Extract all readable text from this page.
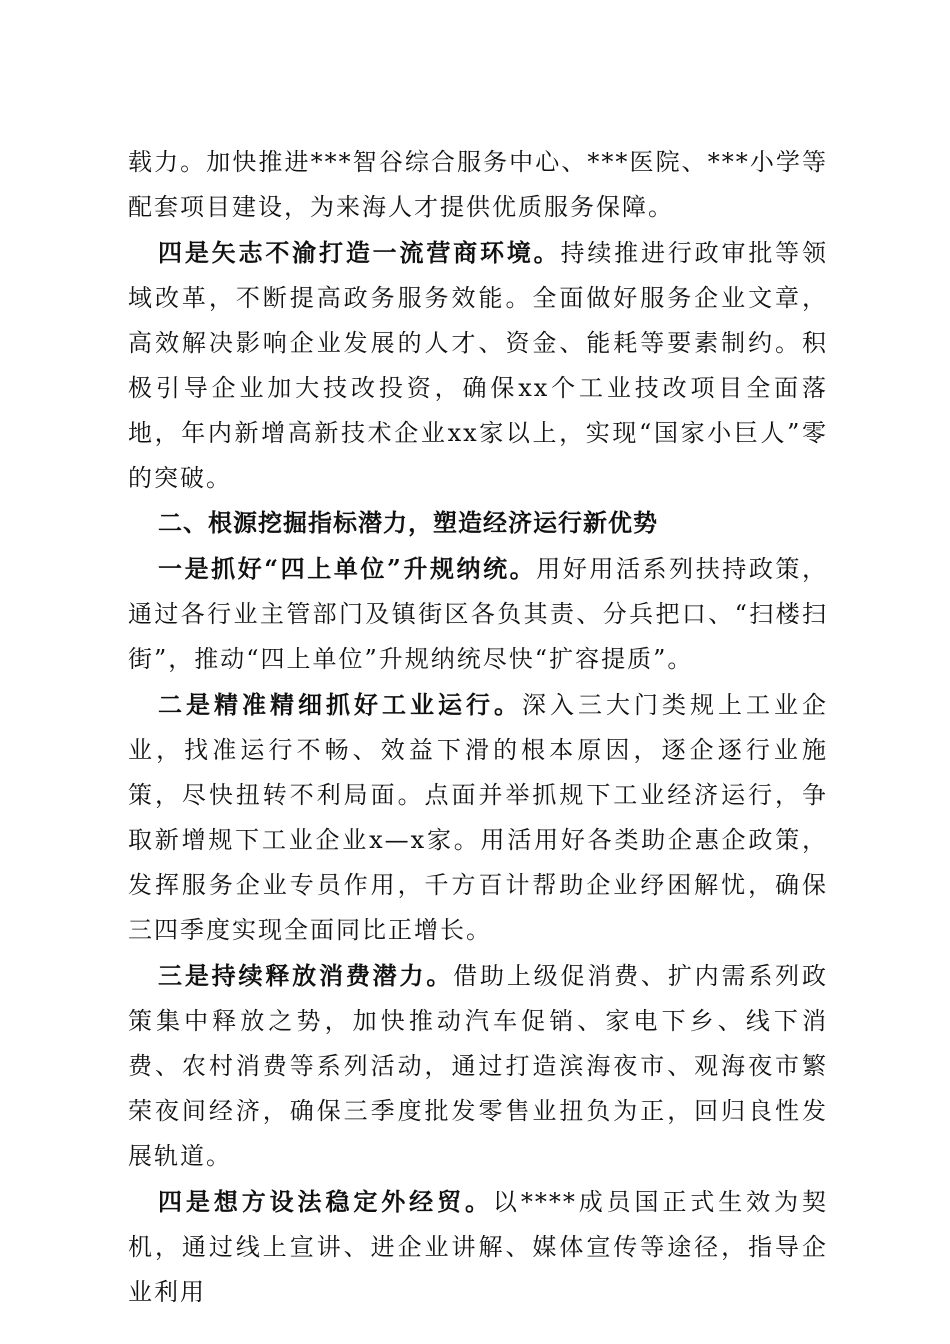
载力。加快推进***智谷综合服务中心、***医院、***小学等配套项目建设，为来海人才提供优质服务保障。

四是矢志不渝打造一流营商环境。持续推进行政审批等领域改革，不断提高政务服务效能。全面做好服务企业文章，高效解决影响企业发展的人才、资金、能耗等要素制约。积极引导企业加大技改投资，确保xx个工业技改项目全面落地，年内新增高新技术企业xx家以上，实现“国家小巨人”零的突破。

二、根源挖掘指标潜力，塑造经济运行新优势

一是抓好“四上单位”升规纳统。用好用活系列扶持政策，通过各行业主管部门及镇街区各负其责、分兵把口、“扫楼扫街”，推动“四上单位”升规纳统尽快“扩容提质”。

二是精准精细抓好工业运行。深入三大门类规上工业企业，找准运行不畅、效益下滑的根本原因，逐企逐行业施策，尽快扭转不利局面。点面并举抓规下工业经济运行，争取新增规下工业企业x—x家。用活用好各类助企惠企政策，发挥服务企业专员作用，千方百计帮助企业纾困解忧，确保三四季度实现全面同比正增长。

三是持续释放消费潜力。借助上级促消费、扩内需系列政策集中释放之势，加快推动汽车促销、家电下乡、线下消费、农村消费等系列活动，通过打造滨海夜市、观海夜市繁荣夜间经济，确保三季度批发零售业扭负为正，回归良性发展轨道。

四是想方设法稳定外经贸。以****成员国正式生效为契机，通过线上宣讲、进企业讲解、媒体宣传等途径，指导企业利用
